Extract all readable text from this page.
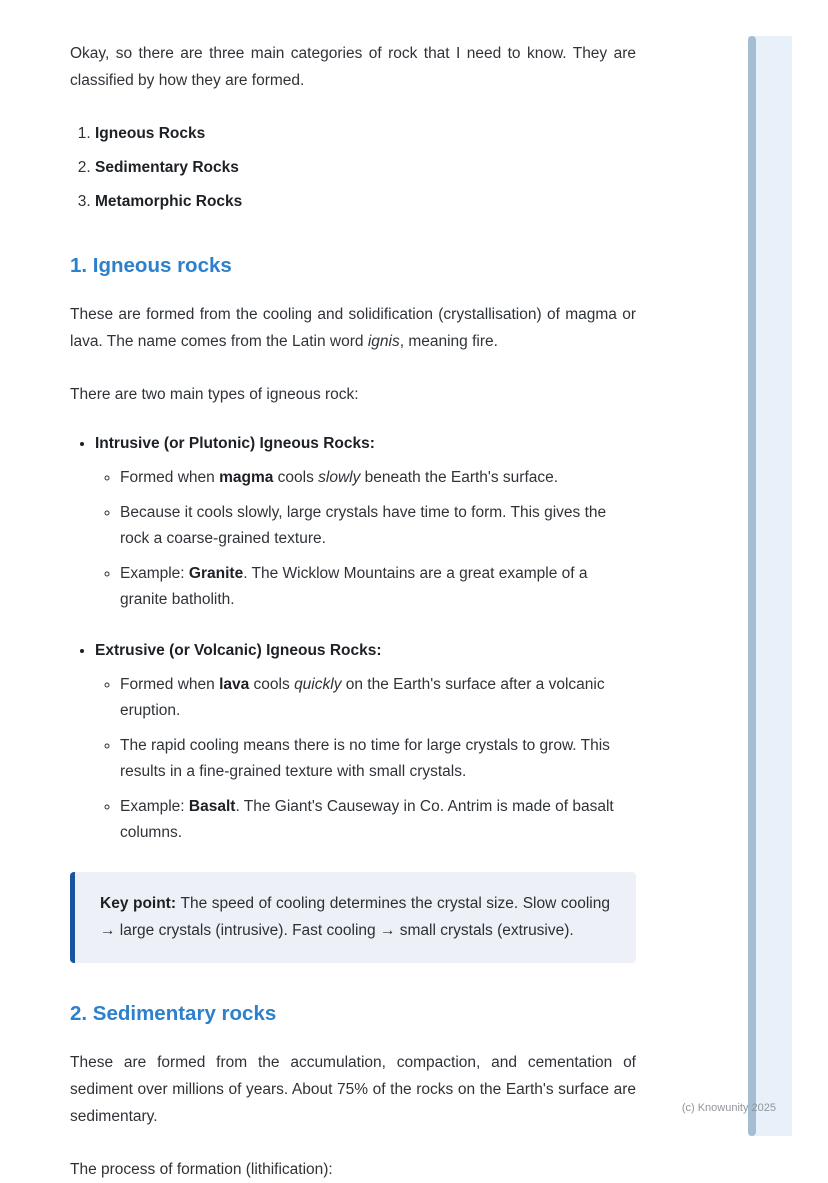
Okay, so there are three main categories of rock that I need to know. They are classified by how they are formed.

1. Igneous Rocks
2. Sedimentary Rocks
3. Metamorphic Rocks
1. Igneous rocks

These are formed from the cooling and solidification (crystallisation) of magma or lava. The name comes from the Latin word ignis, meaning fire.

There are two main types of igneous rock:

• Intrusive (or Plutonic) Igneous Rocks:
◦ Formed when magma cools slowly beneath the Earth's surface.
◦ Because it cools slowly, large crystals have time to form. This gives the rock a coarse-grained texture.
◦ Example: Granite. The Wicklow Mountains are a great example of a granite batholith.
• Extrusive (or Volcanic) Igneous Rocks:
◦ Formed when lava cools quickly on the Earth's surface after a volcanic eruption.
◦ The rapid cooling means there is no time for large crystals to grow. This results in a fine-grained texture with small crystals.
◦ Example: Basalt. The Giant's Causeway in Co. Antrim is made of basalt columns.

Key point: The speed of cooling determines the crystal size. Slow cooling → large crystals (intrusive). Fast cooling → small crystals (extrusive).

2. Sedimentary rocks

These are formed from the accumulation, compaction, and cementation of sediment over millions of years. About 75% of the rocks on the Earth's surface are sedimentary.

The process of formation (lithification):

(c) Knowunity 2025
